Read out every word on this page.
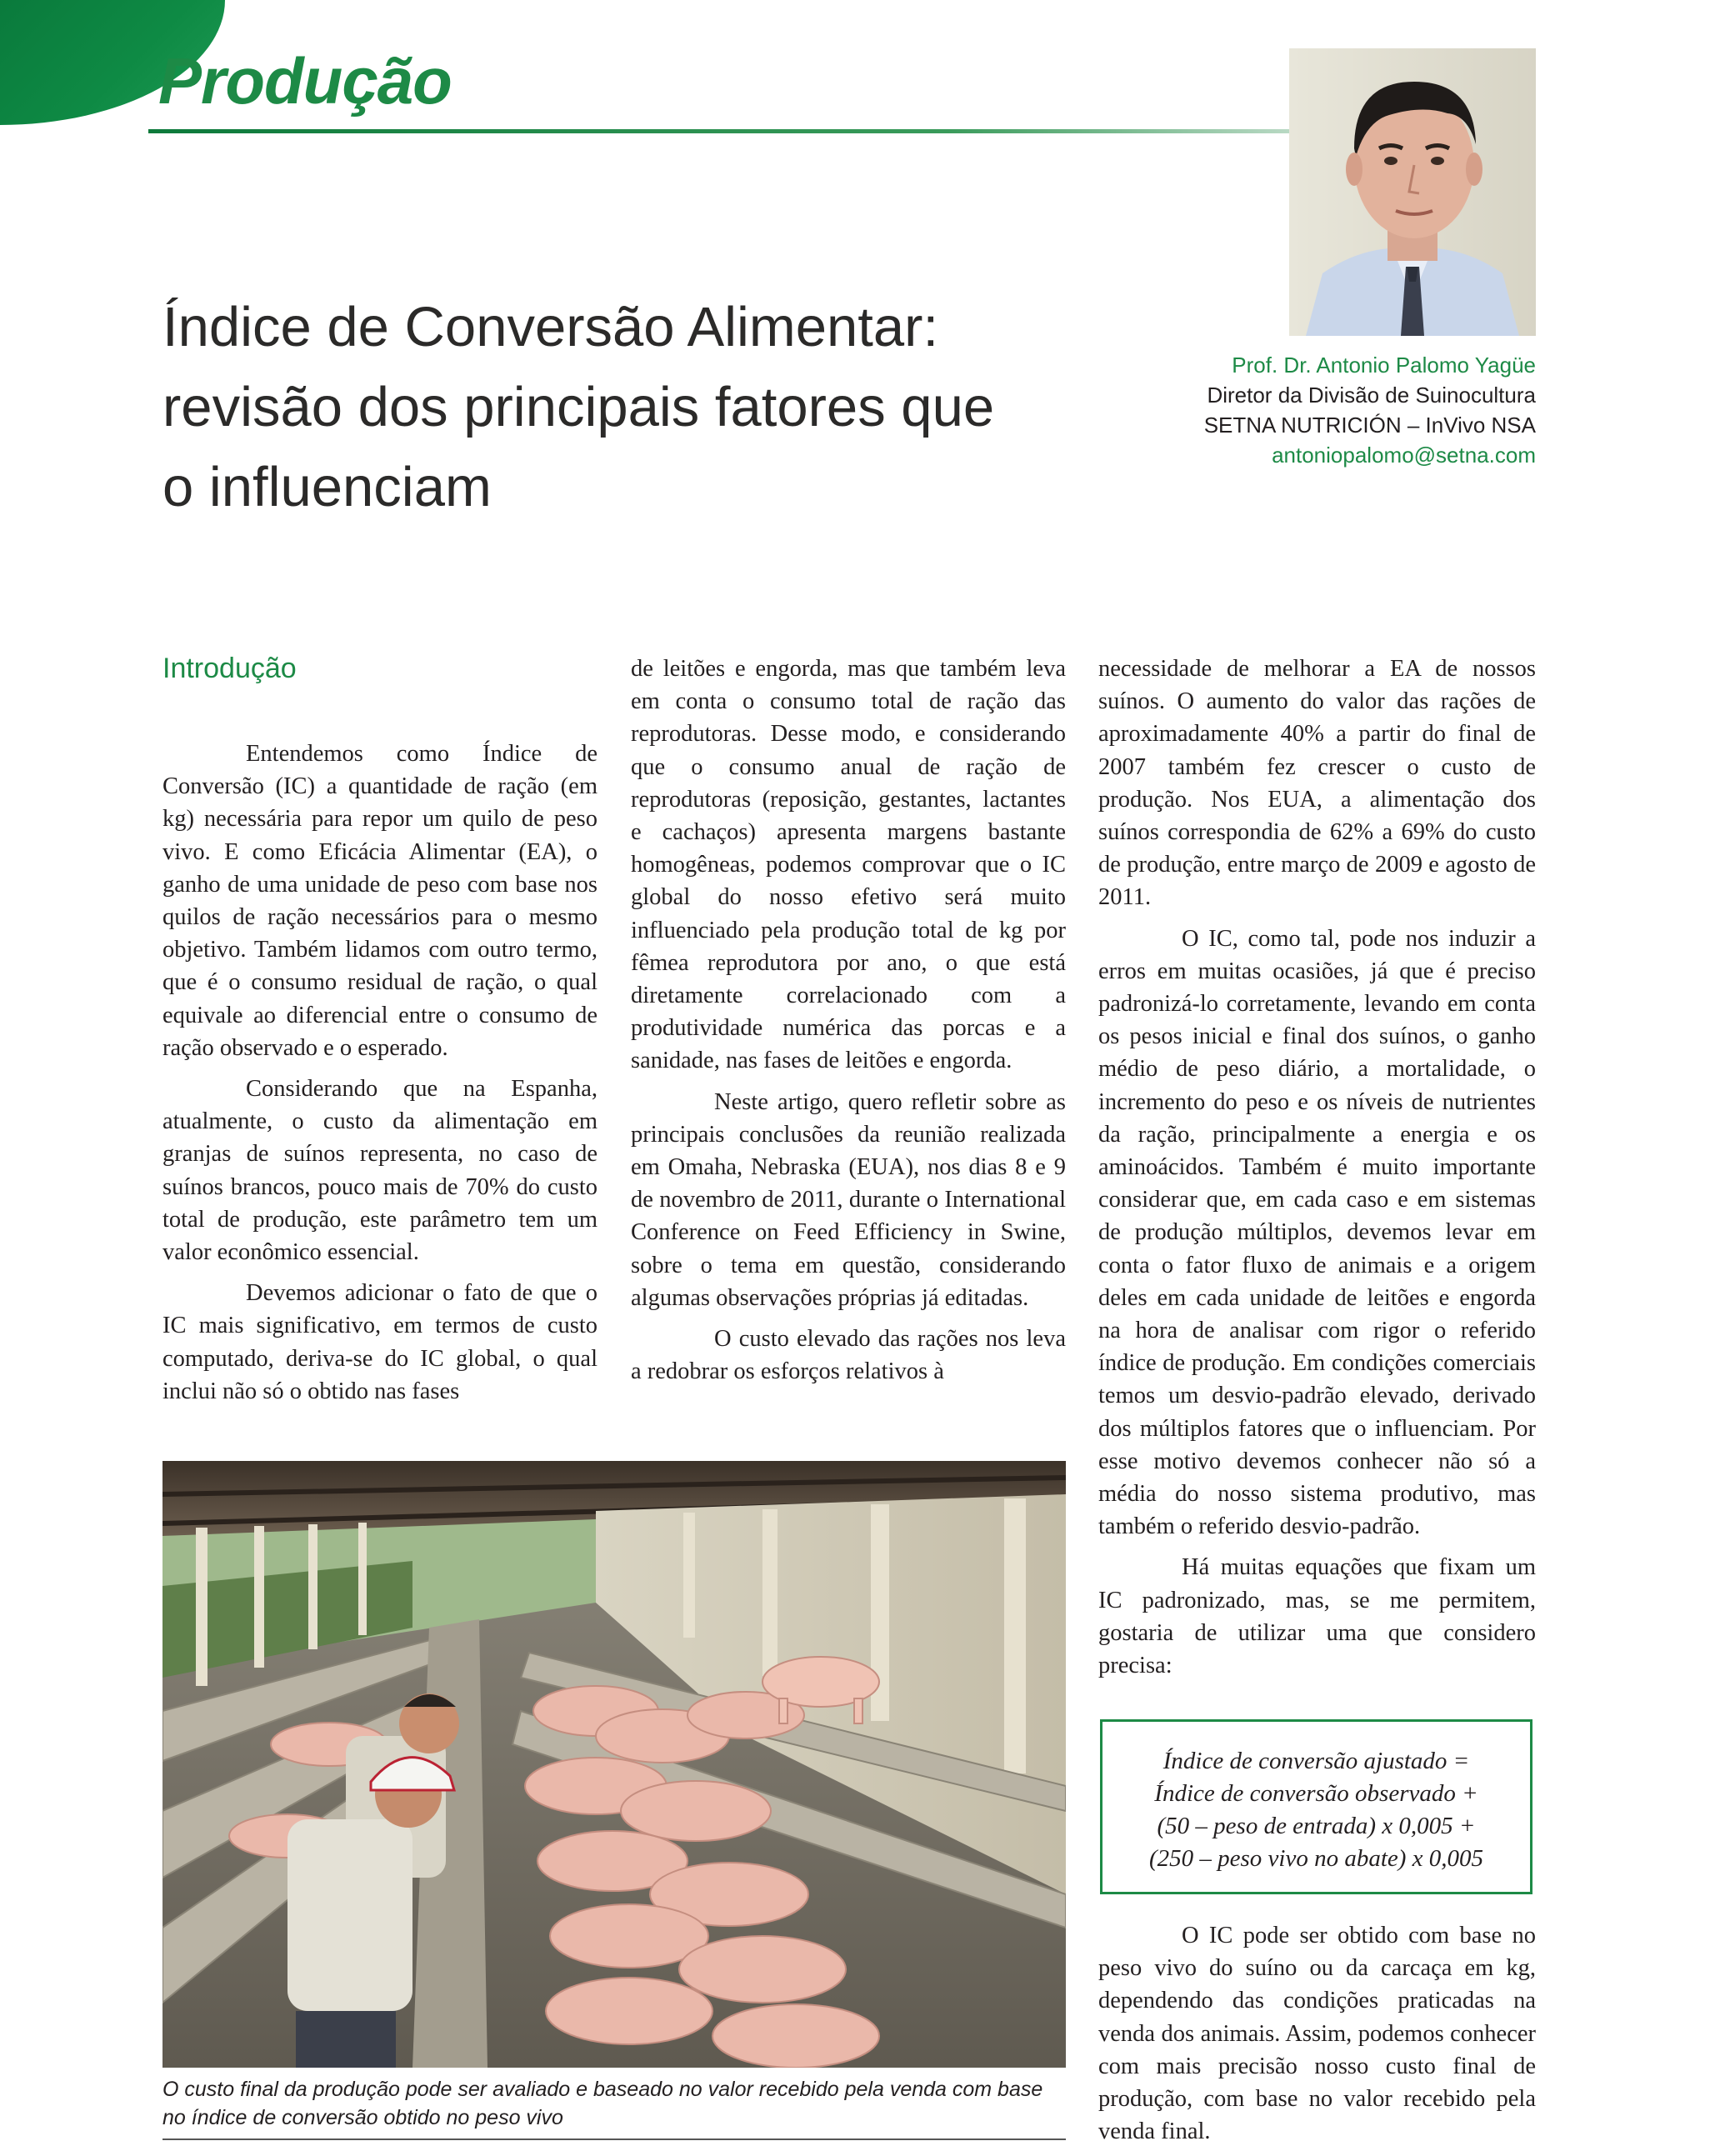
Produção
Índice de Conversão Alimentar:
revisão dos principais fatores que
o influenciam
Prof. Dr. Antonio Palomo Yagüe
Diretor da Divisão de Suinocultura
SETNA NUTRICIÓN – InVivo NSA
antoniopalomo@setna.com
Introdução

Entendemos como Índice de Conversão (IC) a quantidade de ração (em kg) necessária para repor um quilo de peso vivo. E como Eficácia Alimentar (EA), o ganho de uma unidade de peso com base nos quilos de ração necessários para o mesmo objetivo. Também lidamos com outro termo, que é o consumo residual de ração, o qual equivale ao diferencial entre o consumo de ração observado e o esperado.

Considerando que na Espanha, atualmente, o custo da alimentação em granjas de suínos representa, no caso de suínos brancos, pouco mais de 70% do custo total de produção, este parâmetro tem um valor econômico essencial.

Devemos adicionar o fato de que o IC mais significativo, em termos de custo computado, deriva-se do IC global, o qual inclui não só o obtido nas fases

de leitões e engorda, mas que também leva em conta o consumo total de ração das reprodutoras. Desse modo, e considerando que o consumo anual de ração de reprodutoras (reposição, gestantes, lactantes e cachaços) apresenta margens bastante homogêneas, podemos comprovar que o IC global do nosso efetivo será muito influenciado pela produção total de kg por fêmea reprodutora por ano, o que está diretamente correlacionado com a produtividade numérica das porcas e a sanidade, nas fases de leitões e engorda.

Neste artigo, quero refletir sobre as principais conclusões da reunião realizada em Omaha, Nebraska (EUA), nos dias 8 e 9 de novembro de 2011, durante o International Conference on Feed Efficiency in Swine, sobre o tema em questão, considerando algumas observações próprias já editadas.

O custo elevado das rações nos leva a redobrar os esforços relativos à

necessidade de melhorar a EA de nossos suínos. O aumento do valor das rações de aproximadamente 40% a partir do final de 2007 também fez crescer o custo de produção. Nos EUA, a alimentação dos suínos correspondia de 62% a 69% do custo de produção, entre março de 2009 e agosto de 2011.

O IC, como tal, pode nos induzir a erros em muitas ocasiões, já que é preciso padronizá-lo corretamente, levando em conta os pesos inicial e final dos suínos, o ganho médio de peso diário, a mortalidade, o incremento do peso e os níveis de nutrientes da ração, principalmente a energia e os aminoácidos. Também é muito importante considerar que, em cada caso e em sistemas de produção múltiplos, devemos levar em conta o fator fluxo de animais e a origem deles em cada unidade de leitões e engorda na hora de analisar com rigor o referido índice de produção. Em condições comerciais temos um desvio-padrão elevado, derivado dos múltiplos fatores que o influenciam. Por esse motivo devemos conhecer não só a média do nosso sistema produtivo, mas também o referido desvio-padrão.

Há muitas equações que fixam um IC padronizado, mas, se me permitem, gostaria de utilizar uma que considero precisa:

Índice de conversão ajustado =
Índice de conversão observado +
(50 – peso de entrada) x 0,005 +
(250 – peso vivo no abate) x 0,005

O IC pode ser obtido com base no peso vivo do suíno ou da carcaça em kg, dependendo das condições praticadas na venda dos animais. Assim, podemos conhecer com mais precisão nosso custo final de produção, com base no valor recebido pela venda final.

O custo final da produção pode ser avaliado e baseado no valor recebido pela venda com base no índice de conversão obtido no peso vivo
